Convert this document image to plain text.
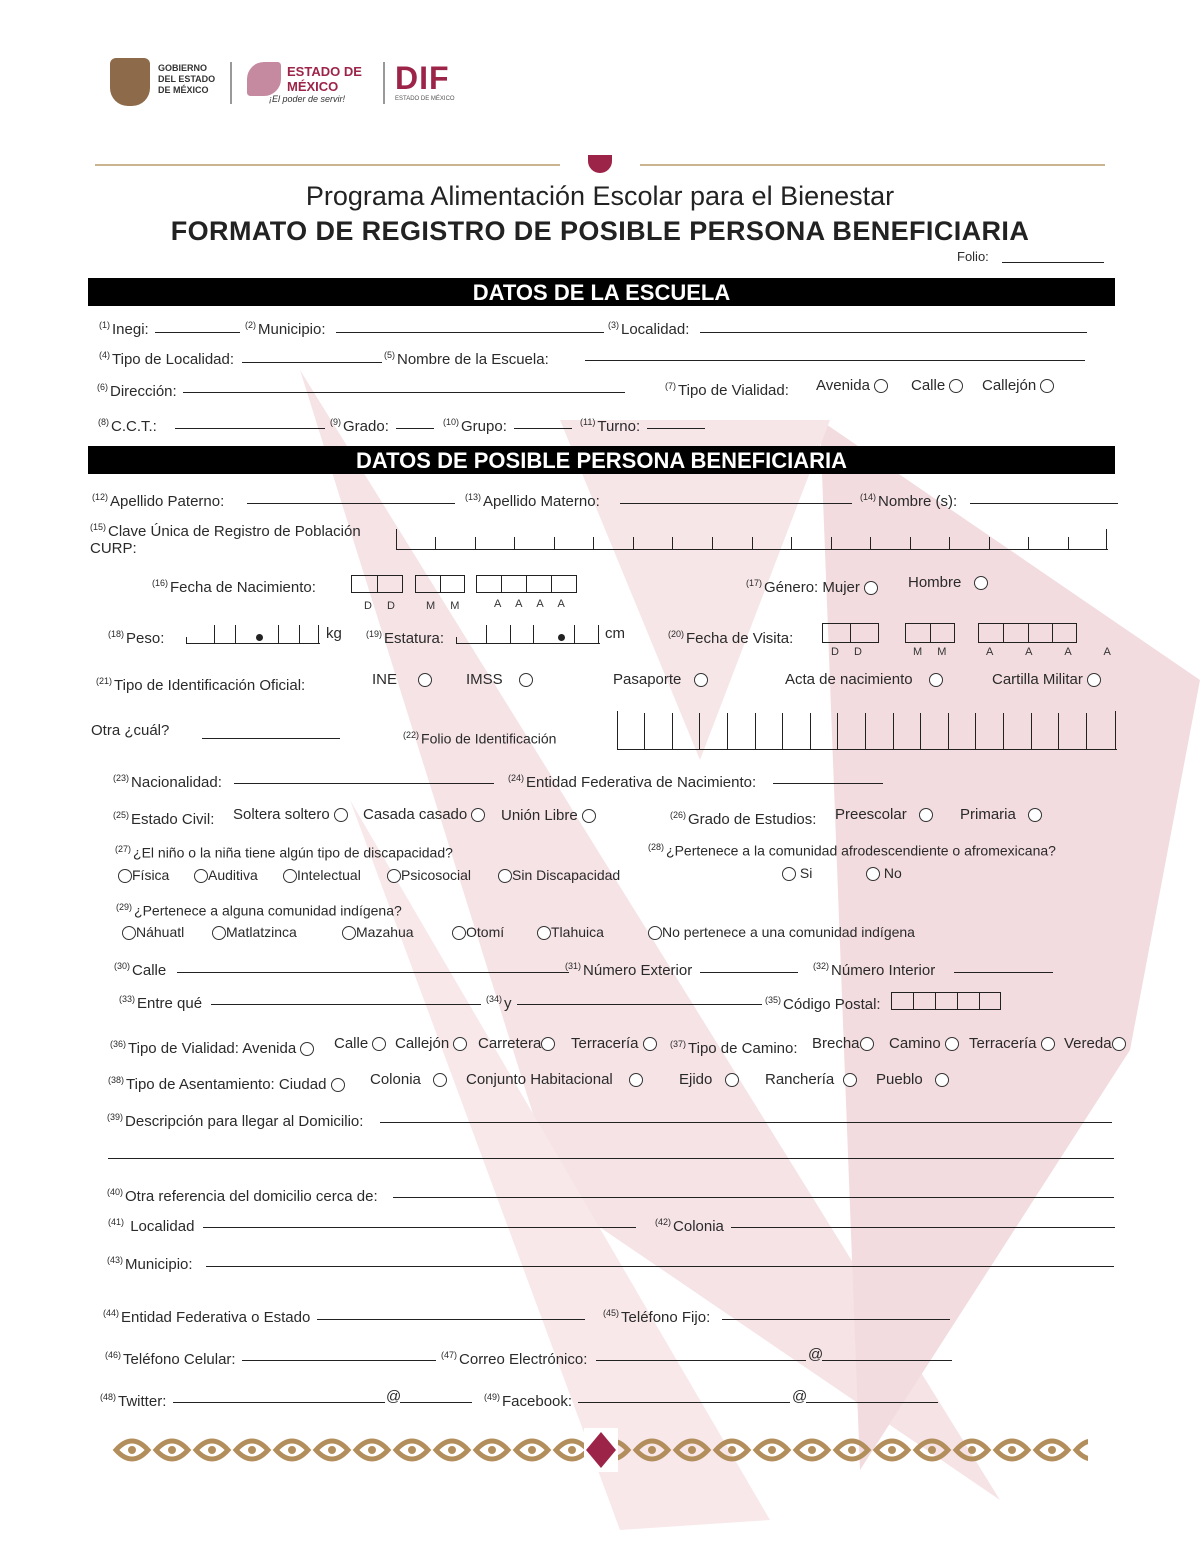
GOBIERNO DEL ESTADO DE MÉXICO
ESTADO DE MÉXICO
¡El poder de servir!
DIF
ESTADO DE MÉXICO
Programa Alimentación Escolar para el Bienestar
FORMATO DE REGISTRO DE POSIBLE PERSONA BENEFICIARIA
Folio:
DATOS DE LA ESCUELA
$^{(1)}$ Inegi:	$^{(2)}$ Municipio:	$^{(3)}$ Localidad:
$^{(4)}$ Tipo de Localidad:	$^{(5)}$ Nombre de la Escuela:
$^{(6)}$ Dirección:	$^{(7)}$ Tipo de Vialidad: Avenida	Calle	Callejón
$^{(8)}$ C.C.T.:	$^{(9)}$ Grado:	$^{(10)}$ Grupo:	$^{(11)}$ Turno:
DATOS DE POSIBLE PERSONA BENEFICIARIA
$^{(12)}$ Apellido Paterno:	$^{(13)}$ Apellido Materno:	$^{(14)}$ Nombre (s):
$^{(15)}$ Clave Única de Registro de Población
CURP:
$^{(16)}$ Fecha de Nacimiento:
D D M M	A A A A
$^{(17)}$ Género: Mujer	Hombre
$^{(18)}$ Peso:	kg	$^{(19)}$ Estatura:	cm	$^{(20)}$ Fecha de Visita:
D D	M M	A A A A
$^{(21)}$ Tipo de Identificación Oficial:	INE	IMSS	Pasaporte	Acta de nacimiento	Cartilla Militar
Otra ¿cuál?	$^{(22)}$ Folio de Identificación
$^{(23)}$ Nacionalidad:	$^{(24)}$ Entidad Federativa de Nacimiento:
$^{(25)}$ Estado Civil: Soltera soltero	Casada casado	Unión Libre	$^{(26)}$ Grado de Estudios: Preescolar	Primaria
$^{(27)}$ ¿El niño o la niña tiene algún tipo de discapacidad?	$^{(28)}$ ¿Pertenece a la comunidad afrodescendiente o afromexicana?
Física	Auditiva	Intelectual	Psicosocial	Sin Discapacidad	Si	No
$^{(29)}$ ¿Pertenece a alguna comunidad indígena?
Náhuatl	Matlatzinca	Mazahua	Otomí	Tlahuica	No pertenece a una comunidad indígena
$^{(30)}$ Calle	$^{(31)}$ Número Exterior	$^{(32)}$ Número Interior
$^{(33)}$ Entre qué	$^{(34)}$ y	$^{(35)}$ Código Postal:
$^{(36)}$ Tipo de Vialidad: Avenida	Calle	Callejón	Carretera	Terracería	$^{(37)}$ Tipo de Camino: Brecha	Camino	Terracería	Vereda
$^{(38)}$ Tipo de Asentamiento: Ciudad	Colonia	Conjunto Habitacional	Ejido	Ranchería	Pueblo
$^{(39)}$ Descripción para llegar al Domicilio:
$^{(40)}$ Otra referencia del domicilio cerca de:
$^{(41)}$ Localidad	$^{(42)}$ Colonia
$^{(43)}$ Municipio:
$^{(44)}$ Entidad Federativa o Estado	$^{(45)}$ Teléfono Fijo:
$^{(46)}$ Teléfono Celular:	$^{(47)}$ Correo Electrónico:	@
$^{(48)}$ Twitter:	@	$^{(49)}$ Facebook:	@
